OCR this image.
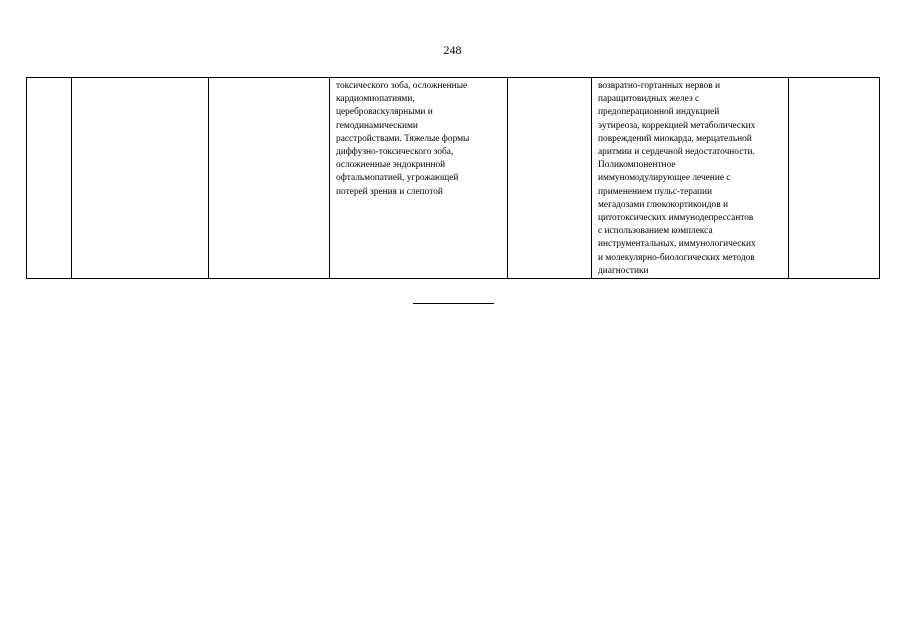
248

токсического зоба, осложненные
кардиомиопатиями,
цереброваскулярными и
гемодинамическими
расстройствами. Тяжелые формы
диффузно-токсического зоба,
осложненные эндокринной
офтальмопатией, угрожающей
потерей зрения и слепотой

возвратно-гортанных нервов и
паращитовидных желез с
предоперационной индукцией
эутиреоза, коррекцией метаболических
повреждений миокарда, мерцательной
аритмии и сердечной недостаточности.
Поликомпонентное
иммуномодулирующее лечение с
применением пульс-терапии
мегадозами глюкокортикоидов и
цитотоксических иммунодепрессантов
с использованием комплекса
инструментальных, иммунологических
и молекулярно-биологических методов
диагностики
